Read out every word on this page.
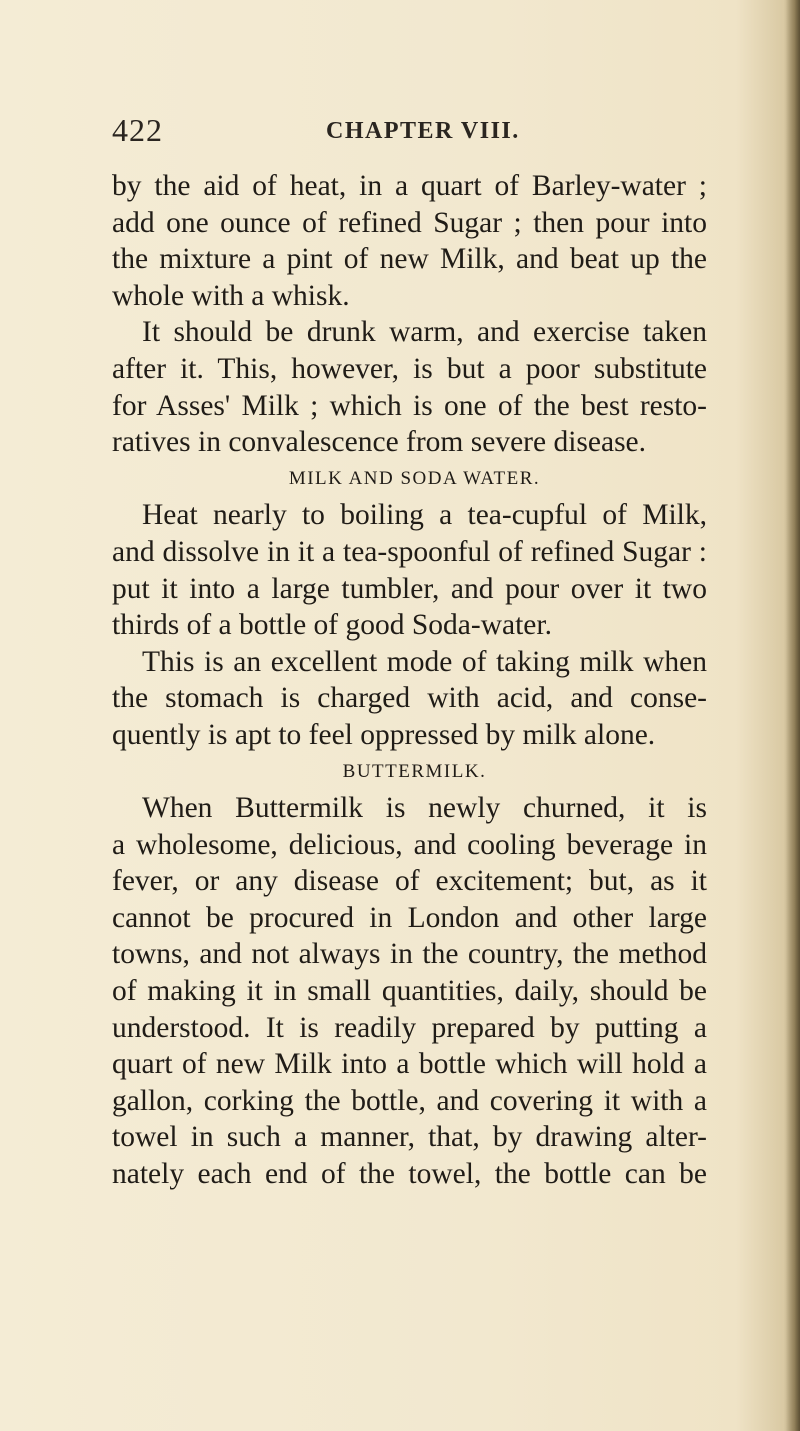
422	CHAPTER VIII.
by the aid of heat, in a quart of Barley-water ;
add one ounce of refined Sugar ; then pour into
the mixture a pint of new Milk, and beat up the
whole with a whisk.
It should be drunk warm, and exercise taken
after it. This, however, is but a poor substitute
for Asses' Milk ; which is one of the best resto-
ratives in convalescence from severe disease.
MILK AND SODA WATER.
Heat nearly to boiling a tea-cupful of Milk,
and dissolve in it a tea-spoonful of refined Sugar :
put it into a large tumbler, and pour over it two
thirds of a bottle of good Soda-water.
This is an excellent mode of taking milk when
the stomach is charged with acid, and conse-
quently is apt to feel oppressed by milk alone.
BUTTERMILK.
When Buttermilk is newly churned, it is
a wholesome, delicious, and cooling beverage in
fever, or any disease of excitement; but, as it
cannot be procured in London and other large
towns, and not always in the country, the method
of making it in small quantities, daily, should be
understood. It is readily prepared by putting a
quart of new Milk into a bottle which will hold a
gallon, corking the bottle, and covering it with a
towel in such a manner, that, by drawing alter-
nately each end of the towel, the bottle can be
